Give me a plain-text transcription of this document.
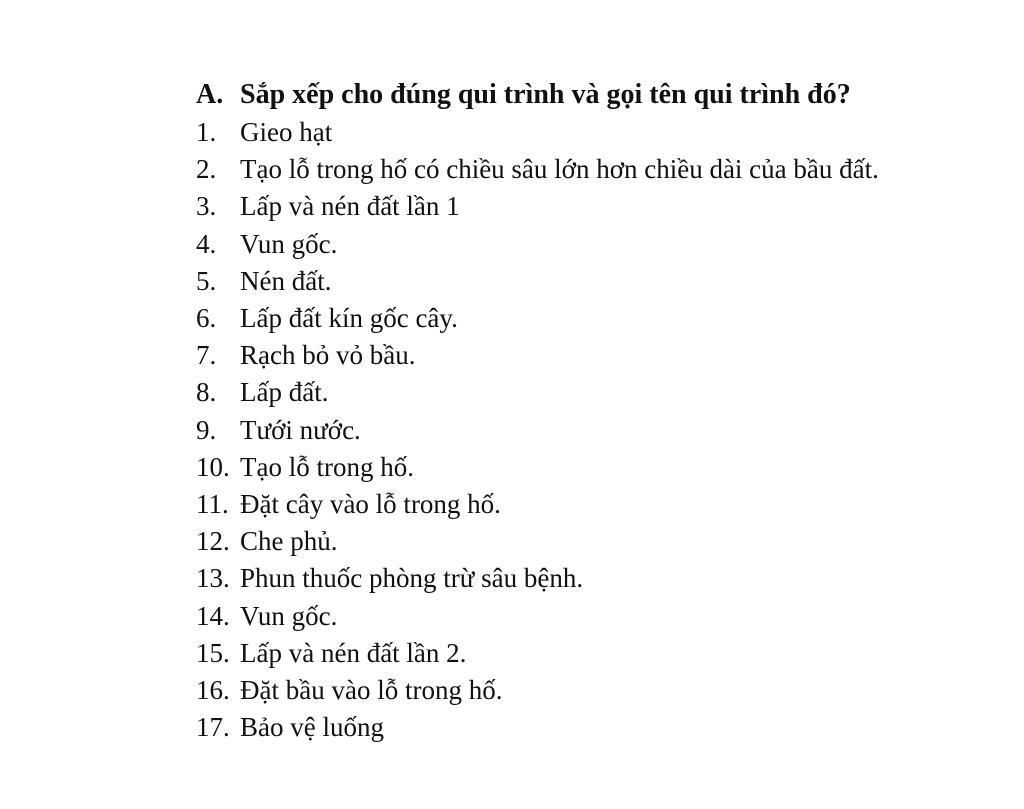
A. Sắp xếp cho đúng qui trình và gọi tên qui trình đó?
1. Gieo hạt
2. Tạo lỗ trong hố có chiều sâu lớn hơn chiều dài của bầu đất.
3. Lấp và nén đất lần 1
4. Vun gốc.
5. Nén đất.
6. Lấp đất kín gốc cây.
7. Rạch bỏ vỏ bầu.
8. Lấp đất.
9. Tưới nước.
10. Tạo lỗ trong hố.
11. Đặt cây vào lỗ trong hố.
12. Che phủ.
13. Phun thuốc phòng trừ sâu bệnh.
14. Vun gốc.
15. Lấp và nén đất lần 2.
16. Đặt bầu vào lỗ trong hố.
17. Bảo vệ luống
